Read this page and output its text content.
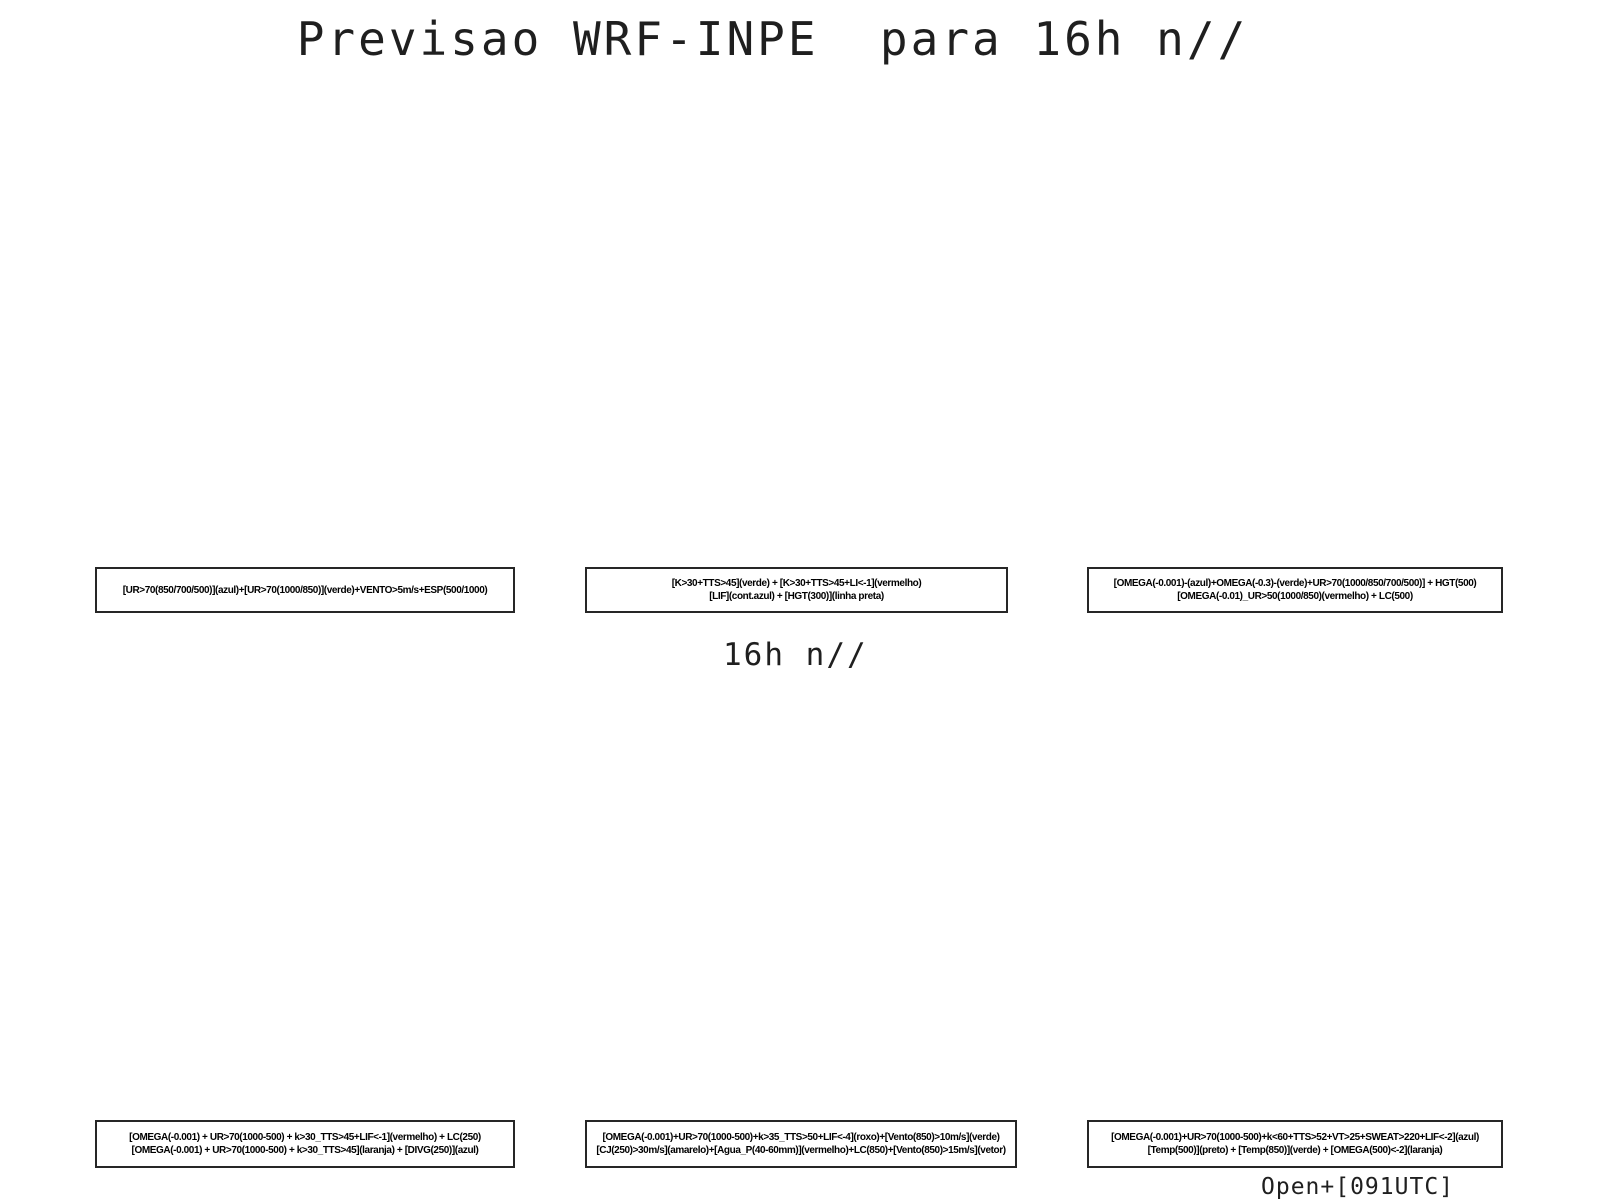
Previsao WRF-INPE  para 16h n//
[UR>70(850/700/500)](azul)+[UR>70(1000/850)](verde)+VENTO>5m/s+ESP(500/1000)
[K>30+TTS>45](verde) + [K>30+TTS>45+LI<-1](vermelho)
[LIF](cont.azul) + [HGT(300)](linha preta)
[OMEGA(-0.001)-(azul)+OMEGA(-0.3)-(verde)+UR>70(1000/850/700/500)] + HGT(500)
[OMEGA(-0.01)_UR>50(1000/850)(vermelho) + LC(500)
16h n//
[OMEGA(-0.001) + UR>70(1000-500) + k>30_TTS>45+LIF<-1](vermelho) + LC(250)
[OMEGA(-0.001) + UR>70(1000-500) + k>30_TTS>45](laranja) + [DIVG(250)](azul)
[OMEGA(-0.001)+UR>70(1000-500)+k>35_TTS>50+LIF<-4](roxo)+[Vento(850)>10m/s](verde)
[CJ(250)>30m/s](amarelo)+[Agua_P(40-60mm)](vermelho)+LC(850)+[Vento(850)>15m/s](vetor)
[OMEGA(-0.001)+UR>70(1000-500)+k<60+TTS>52+VT>25+SWEAT>220+LIF<-2](azul)
[Temp(500)](preto) + [Temp(850)](verde) + [OMEGA(500)<-2](laranja)
Open+[091UTC]
